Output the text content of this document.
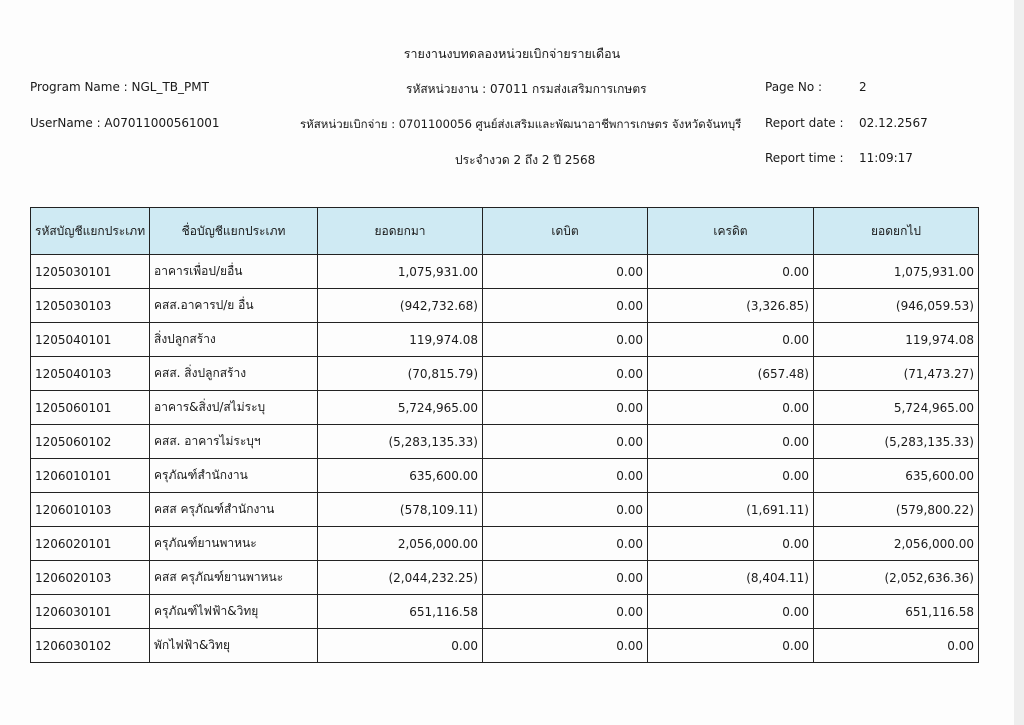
รายงานงบทดลองหน่วยเบิกจ่ายรายเดือน
Program Name : NGL_TB_PMT	รหัสหน่วยงาน : 07011 กรมส่งเสริมการเกษตร	Page No :	2
UserName : A07011000561001	รหัสหน่วยเบิกจ่าย : 0701100056 ศูนย์ส่งเสริมและพัฒนาอาชีพการเกษตร จังหวัดจันทบุรี	Report date : 02.12.2567
ประจำงวด 2 ถึง 2 ปี 2568	Report time : 11:09:17
รหัสบัญชีแยกประเภท	ชื่อบัญชีแยกประเภท	ยอดยกมา	เดบิต	เครดิต	ยอดยกไป
1205030101	อาคารเพื่อป/ยอื่น	1,075,931.00	0.00	0.00	1,075,931.00
1205030103	คสส.อาคารป/ย อื่น	(942,732.68)	0.00	(3,326.85)	(946,059.53)
1205040101	สิ่งปลูกสร้าง	119,974.08	0.00	0.00	119,974.08
1205040103	คสส. สิ่งปลูกสร้าง	(70,815.79)	0.00	(657.48)	(71,473.27)
1205060101	อาคาร&สิ่งป/สไม่ระบุ	5,724,965.00	0.00	0.00	5,724,965.00
1205060102	คสส. อาคารไม่ระบุฯ	(5,283,135.33)	0.00	0.00	(5,283,135.33)
1206010101	ครุภัณฑ์สำนักงาน	635,600.00	0.00	0.00	635,600.00
1206010103	คสส ครุภัณฑ์สำนักงาน	(578,109.11)	0.00	(1,691.11)	(579,800.22)
1206020101	ครุภัณฑ์ยานพาหนะ	2,056,000.00	0.00	0.00	2,056,000.00
1206020103	คสส ครุภัณฑ์ยานพาหนะ	(2,044,232.25)	0.00	(8,404.11)	(2,052,636.36)
1206030101	ครุภัณฑ์ไฟฟ้า&วิทยุ	651,116.58	0.00	0.00	651,116.58
1206030102	พักไฟฟ้า&วิทยุ	0.00	0.00	0.00	0.00
